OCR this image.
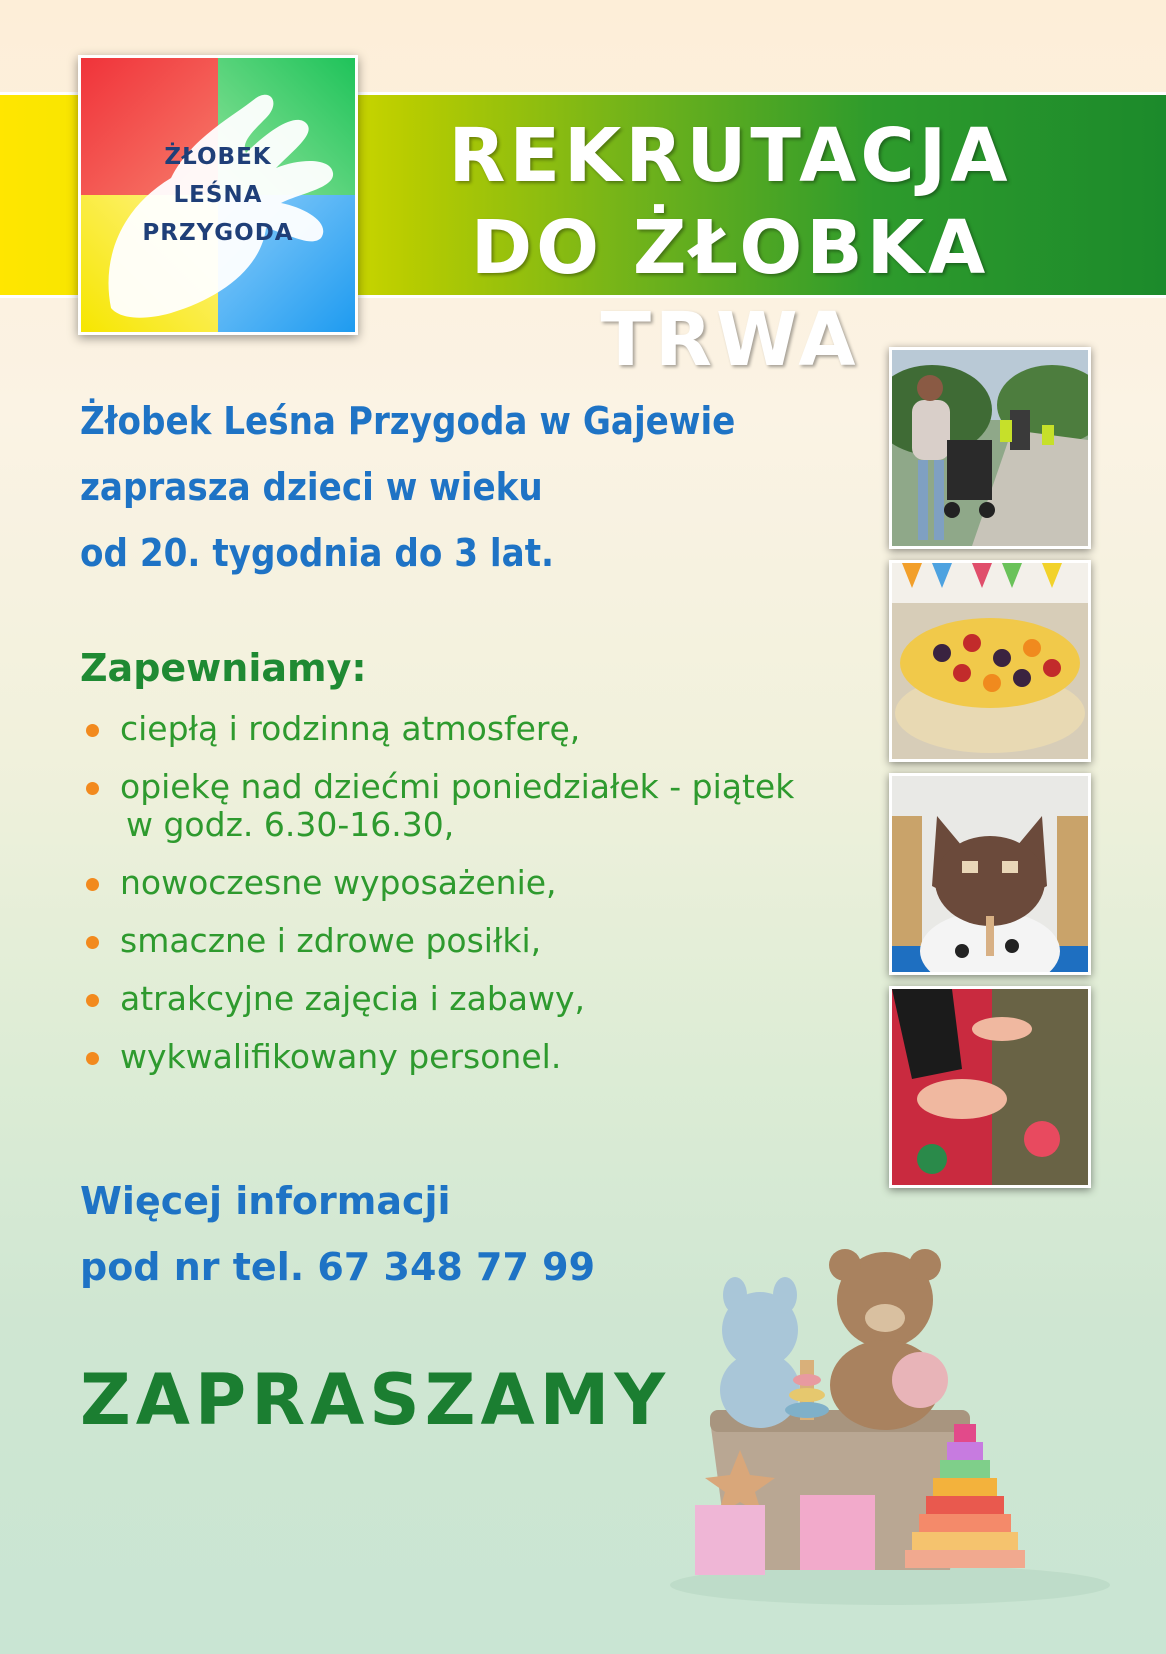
REKRUTACJA
DO ŻŁOBKA TRWA
ŻŁOBEK
LEŚNA
PRZYGODA
Żłobek Leśna Przygoda w Gajewie
zaprasza dzieci w wieku
od 20. tygodnia do 3 lat.
Zapewniamy:
ciepłą i rodzinną atmosferę,
opiekę nad dziećmi poniedziałek - piątek
w godz. 6.30-16.30,
nowoczesne wyposażenie,
smaczne i zdrowe posiłki,
atrakcyjne zajęcia i zabawy,
wykwalifikowany personel.
Więcej informacji
pod nr tel. 67 348 77 99
ZAPRASZAMY
